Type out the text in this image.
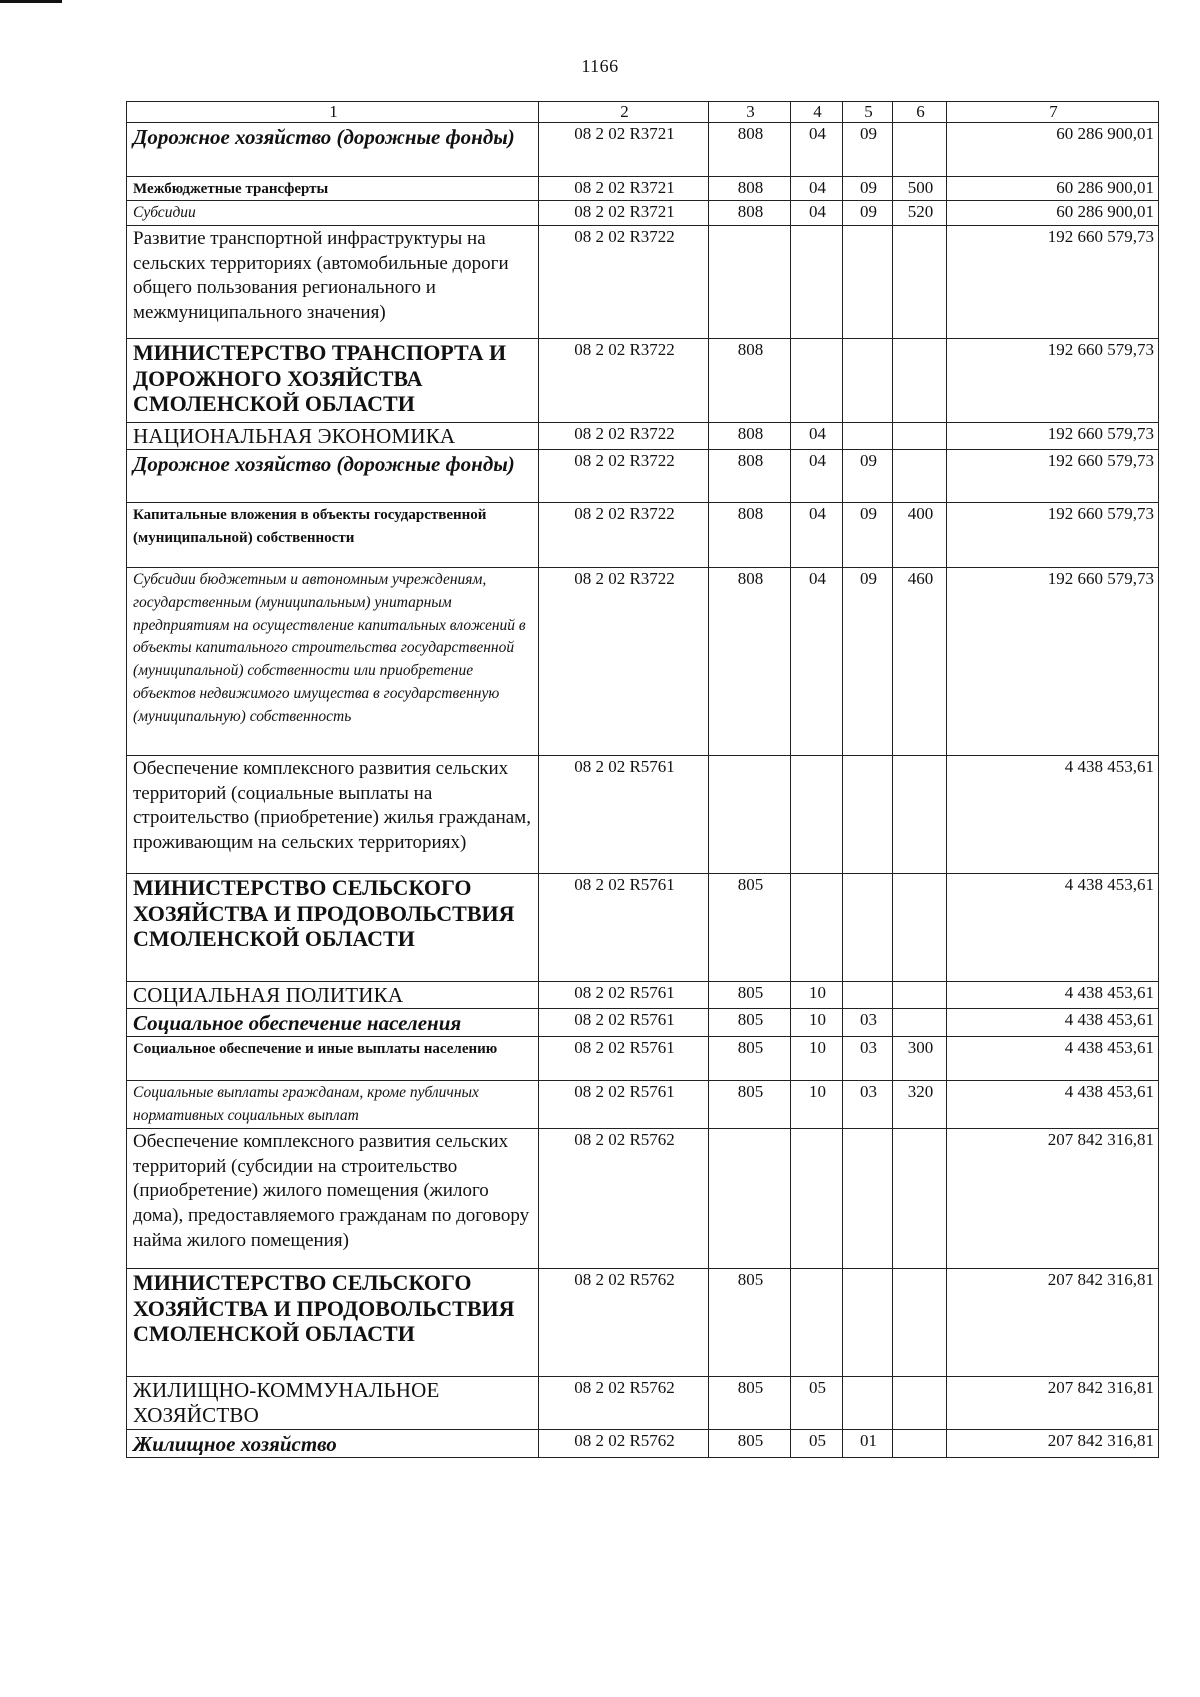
1166
1	2	3	4	5	6	7

Дорожное хозяйство (дорожные фонды)	08 2 02 R3721	808	04	09		60 286 900,01

Межбюджетные трансферты	08 2 02 R3721	808	04	09	500	60 286 900,01

Субсидии	08 2 02 R3721	808	04	09	520	60 286 900,01

Развитие транспортной инфраструктуры на сельских территориях (автомобильные дороги общего пользования регионального и межмуниципального значения)	08 2 02 R3722					192 660 579,73

МИНИСТЕРСТВО ТРАНСПОРТА И ДОРОЖНОГО ХОЗЯЙСТВА СМОЛЕНСКОЙ ОБЛАСТИ	08 2 02 R3722	808				192 660 579,73

НАЦИОНАЛЬНАЯ ЭКОНОМИКА	08 2 02 R3722	808	04			192 660 579,73

Дорожное хозяйство (дорожные фонды)	08 2 02 R3722	808	04	09		192 660 579,73

Капитальные вложения в объекты государственной (муниципальной) собственности	08 2 02 R3722	808	04	09	400	192 660 579,73

Субсидии бюджетным и автономным учреждениям, государственным (муниципальным) унитарным предприятиям на осуществление капитальных вложений в объекты капитального строительства государственной (муниципальной) собственности или приобретение объектов недвижимого имущества в государственную (муниципальную) собственность	08 2 02 R3722	808	04	09	460	192 660 579,73

Обеспечение комплексного развития сельских территорий (социальные выплаты на строительство (приобретение) жилья гражданам, проживающим на сельских территориях)	08 2 02 R5761					4 438 453,61

МИНИСТЕРСТВО СЕЛЬСКОГО ХОЗЯЙСТВА И ПРОДОВОЛЬСТВИЯ СМОЛЕНСКОЙ ОБЛАСТИ	08 2 02 R5761	805				4 438 453,61

СОЦИАЛЬНАЯ ПОЛИТИКА	08 2 02 R5761	805	10			4 438 453,61

Социальное обеспечение населения	08 2 02 R5761	805	10	03		4 438 453,61

Социальное обеспечение и иные выплаты населению	08 2 02 R5761	805	10	03	300	4 438 453,61

Социальные выплаты гражданам, кроме публичных нормативных социальных выплат	08 2 02 R5761	805	10	03	320	4 438 453,61

Обеспечение комплексного развития сельских территорий (субсидии на строительство (приобретение) жилого помещения (жилого дома), предоставляемого гражданам по договору найма жилого помещения)	08 2 02 R5762					207 842 316,81

МИНИСТЕРСТВО СЕЛЬСКОГО ХОЗЯЙСТВА И ПРОДОВОЛЬСТВИЯ СМОЛЕНСКОЙ ОБЛАСТИ	08 2 02 R5762	805				207 842 316,81

ЖИЛИЩНО-КОММУНАЛЬНОЕ ХОЗЯЙСТВО	08 2 02 R5762	805	05			207 842 316,81

Жилищное хозяйство	08 2 02 R5762	805	05	01		207 842 316,81
